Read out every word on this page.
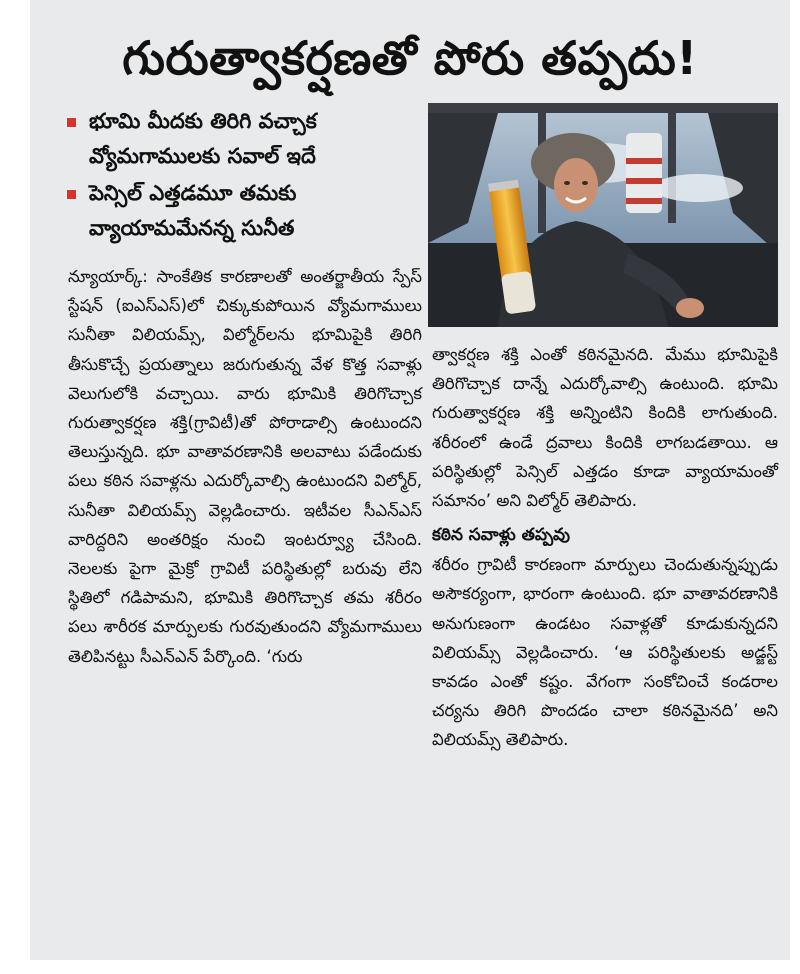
గురుత్వాకర్షణతో పోరు తప్పదు!
భూమి మీదకు తిరిగి వచ్చాక వ్యోమగాములకు సవాల్ ఇదే
పెన్సిల్ ఎత్తడమూ తమకు వ్యాయామమేనన్న సునీత
న్యూయార్క్: సాంకేతిక కారణాలతో అంతర్జాతీయ స్పేస్ స్టేషన్ (ఐఎస్ఎస్)లో చిక్కుకుపోయిన వ్యోమగాములు సునీతా విలియమ్స్, విల్మోర్‌లను భూమిపైకి తిరిగి తీసుకొచ్చే ప్రయత్నాలు జరుగుతున్న వేళ కొత్త సవాళ్లు వెలుగులోకి వచ్చాయి. వారు భూమికి తిరిగొచ్చాక గురుత్వాకర్షణ శక్తి(గ్రావిటీ)తో పోరాడాల్సి ఉంటుందని తెలుస్తున్నది. భూ వాతావరణానికి అలవాటు పడేందుకు పలు కఠిన సవాళ్లను ఎదుర్కోవాల్సి ఉంటుందని విల్మోర్, సునీతా విలియమ్స్ వెల్లడించారు. ఇటీవల సీఎన్ఎస్ వారిద్దరిని అంతరిక్షం నుంచి ఇంటర్వ్యూ చేసింది. నెలలకు పైగా మైక్రో గ్రావిటీ పరిస్థితుల్లో బరువు లేని స్థితిలో గడిపామని, భూమికి తిరిగొచ్చాక తమ శరీరం పలు శారీరక మార్పులకు గురవుతుందని వ్యోమగాములు తెలిపినట్టు సీఎన్ఎన్ పేర్కొంది. ‘గురు

త్వాకర్షణ శక్తి ఎంతో కఠినమైనది. మేము భూమిపైకి తిరిగొచ్చాక దాన్నే ఎదుర్కోవాల్సి ఉంటుంది. భూమి గురుత్వాకర్షణ శక్తి అన్నింటిని కిందికి లాగుతుంది. శరీరంలో ఉండే ద్రవాలు కిందికి లాగబడతాయి. ఆ పరిస్థితుల్లో పెన్సిల్ ఎత్తడం కూడా వ్యాయామంతో సమానం’ అని విల్మోర్ తెలిపారు.

కఠిన సవాళ్లు తప్పవు

శరీరం గ్రావిటీ కారణంగా మార్పులు చెందుతున్నప్పుడు అసౌకర్యంగా, భారంగా ఉంటుంది. భూ వాతావరణానికి అనుగుణంగా ఉండటం సవాళ్లతో కూడుకున్నదని విలియమ్స్ వెల్లడించారు. ‘ఆ పరిస్థితులకు అడ్జస్ట్ కావడం ఎంతో కష్టం. వేగంగా సంకోచించే కండరాల చర్యను తిరిగి పొందడం చాలా కఠినమైనది’ అని విలియమ్స్ తెలిపారు.
